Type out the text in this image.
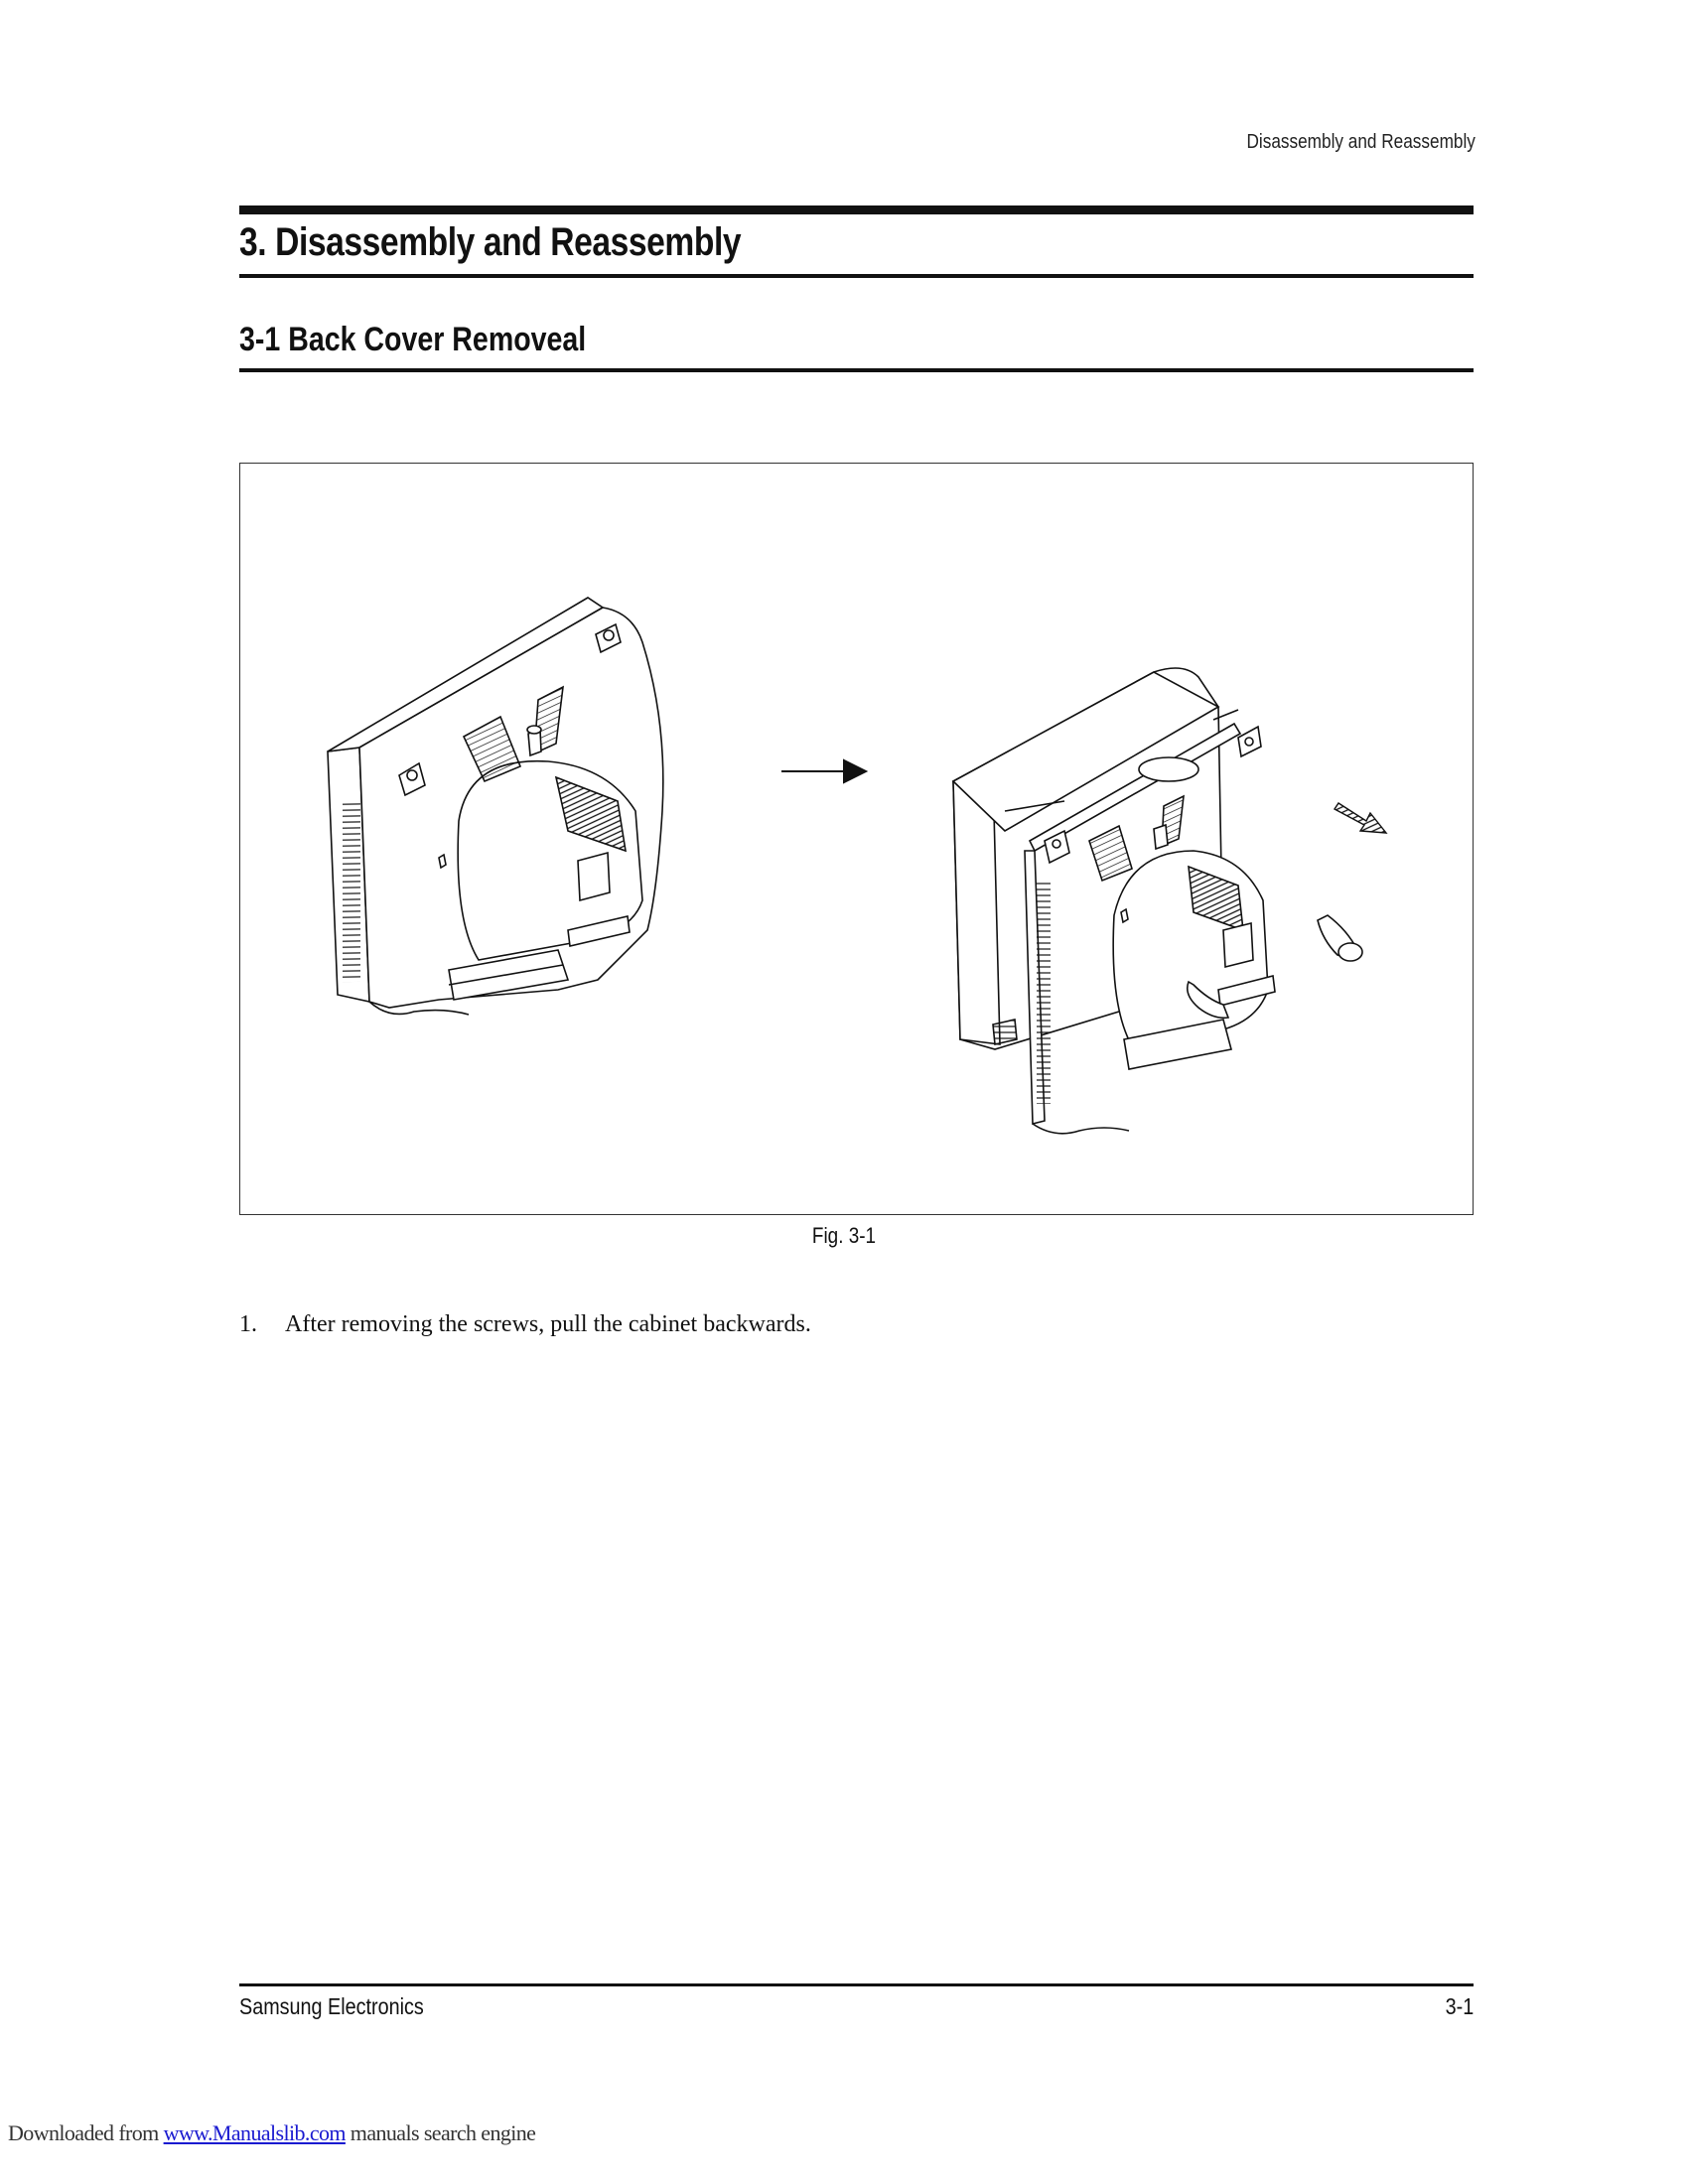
Disassembly and Reassembly
3. Disassembly and Reassembly
3-1 Back Cover Removeal
Fig. 3-1
1. After removing the screws, pull the cabinet backwards.
Samsung Electronics	3-1
Downloaded from www.Manualslib.com manuals search engine
